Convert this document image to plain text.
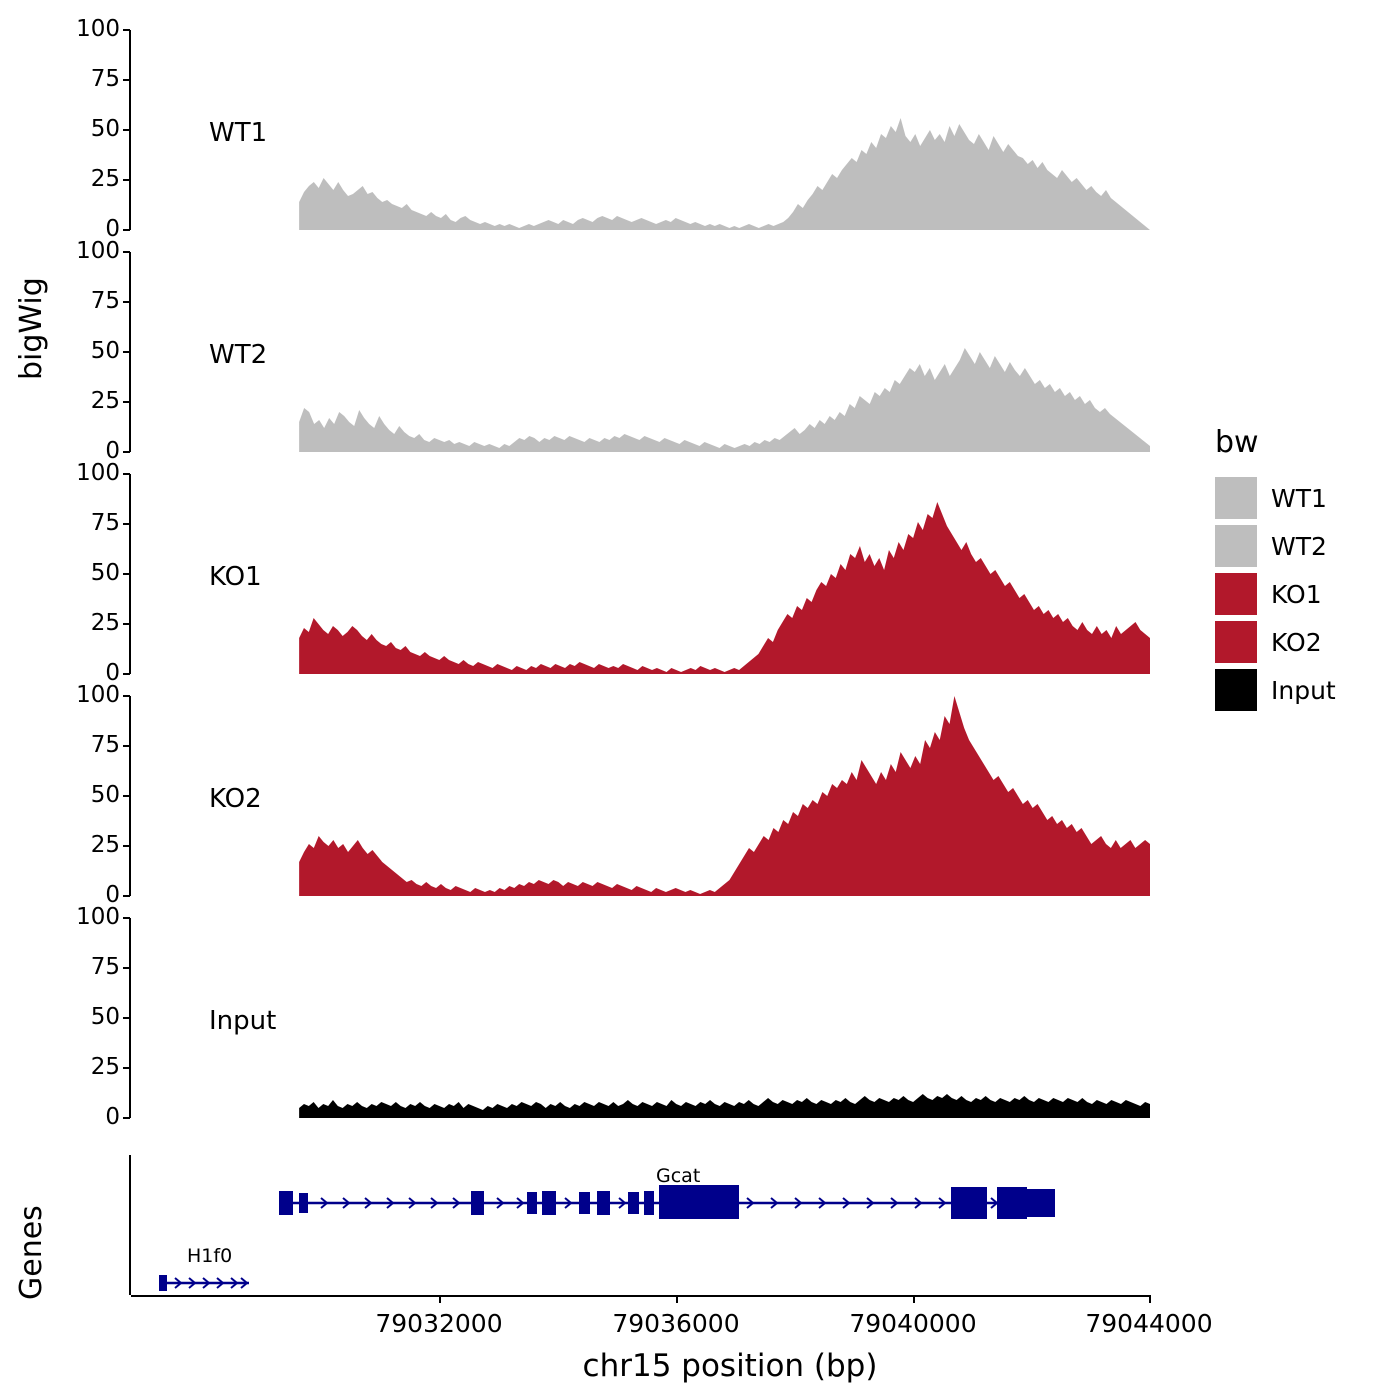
bigWig
Genes
100
75
50
25
0
WT1
100
75
50
25
0
WT2
100
75
50
25
0
KO1
100
75
50
25
0
KO2
100
75
50
25
0
Input
Gcat
H1f0
79032000	79036000	79040000	79044000
chr15 position (bp)
bw
WT1
WT2
KO1
KO2
Input
